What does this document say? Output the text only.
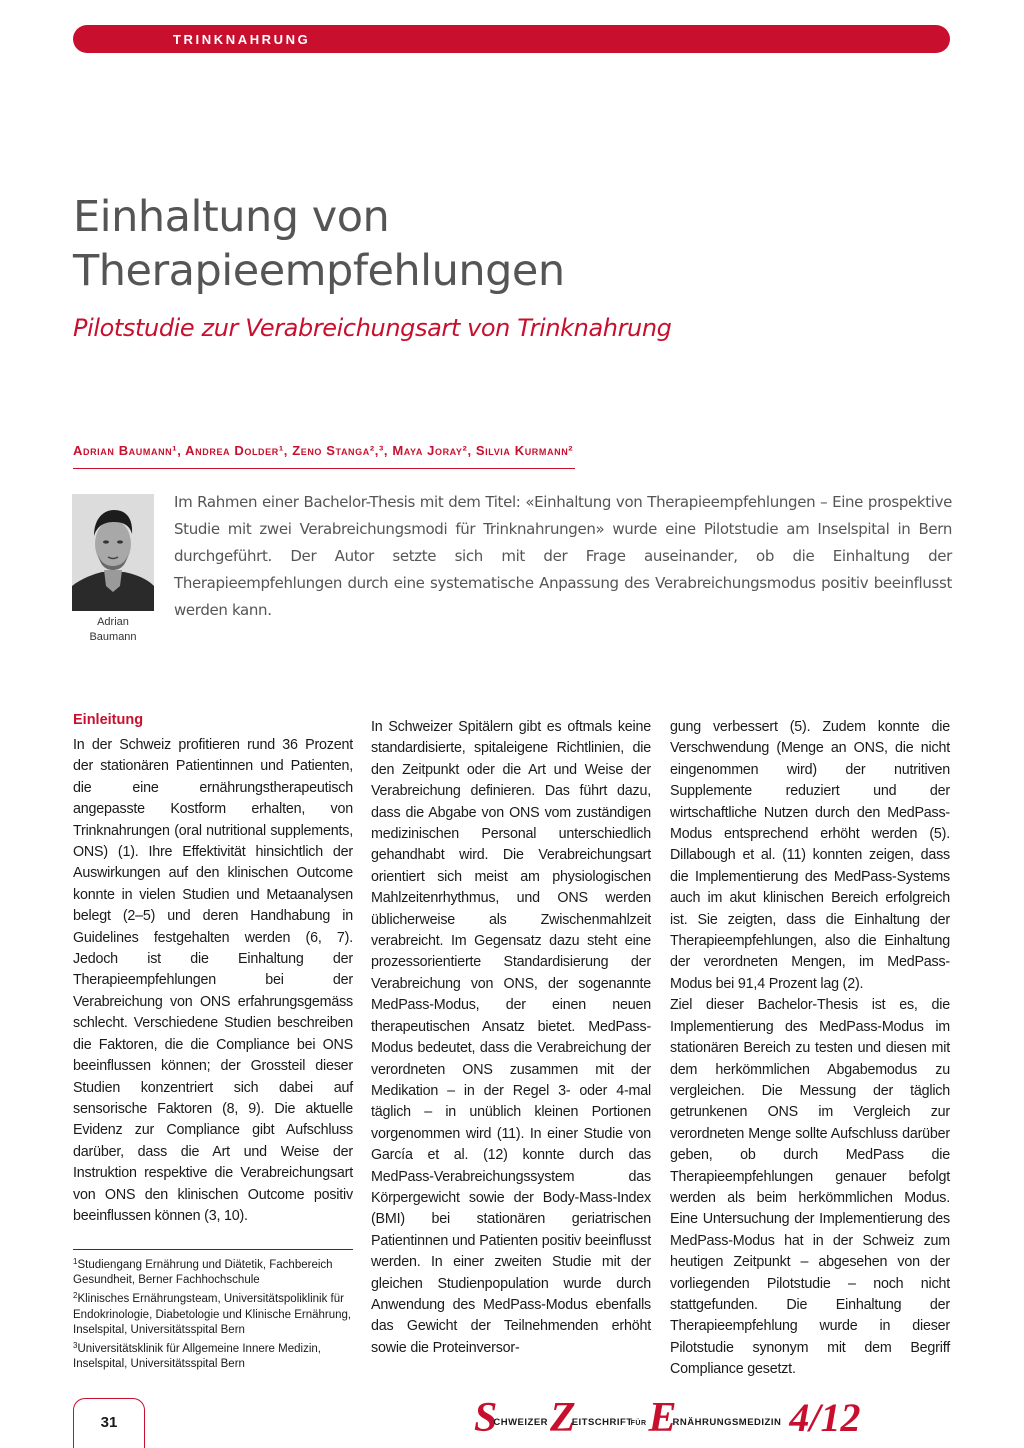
TRINKNAHRUNG
Einhaltung von
Therapieempfehlungen
Pilotstudie zur Verabreichungsart von Trinknahrung
Adrian Baumann¹, Andrea Dolder¹, Zeno Stanga²,³, Maya Joray², Silvia Kurmann²
Adrian
Baumann

Im Rahmen einer Bachelor-Thesis mit dem Titel: «Einhaltung von Therapieempfehlungen – Eine prospektive Studie mit zwei Verabreichungsmodi für Trinknahrungen» wurde eine Pilotstudie am Inselspital in Bern durchgeführt. Der Autor setzte sich mit der Frage auseinander, ob die Einhaltung der Therapieempfehlungen durch eine systematische Anpassung des Verabreichungsmodus positiv beeinflusst werden kann.

Einleitung

In der Schweiz profitieren rund 36 Prozent der stationären Patientinnen und Patienten, die eine ernährungstherapeutisch angepasste Kostform erhalten, von Trinknahrungen (oral nutritional supplements, ONS) (1). Ihre Effektivität hinsichtlich der Auswirkungen auf den klinischen Outcome konnte in vielen Studien und Metaanalysen belegt (2–5) und deren Handhabung in Guidelines festgehalten werden (6, 7). Jedoch ist die Einhaltung der Therapieempfehlungen bei der Verabreichung von ONS erfahrungsgemäss schlecht. Verschiedene Studien beschreiben die Faktoren, die die Compliance bei ONS beeinflussen können; der Grossteil dieser Studien konzentriert sich dabei auf sensorische Faktoren (8, 9). Die aktuelle Evidenz zur Compliance gibt Aufschluss darüber, dass die Art und Weise der Instruktion respektive die Verabreichungsart von ONS den klinischen Outcome positiv beeinflussen können (3, 10).

In Schweizer Spitälern gibt es oftmals keine standardisierte, spitaleigene Richtlinien, die den Zeitpunkt oder die Art und Weise der Verabreichung definieren. Das führt dazu, dass die Abgabe von ONS vom zuständigen medizinischen Personal unterschiedlich gehandhabt wird. Die Verabreichungsart orientiert sich meist am physiologischen Mahlzeitenrhythmus, und ONS werden üblicherweise als Zwischenmahlzeit verabreicht. Im Gegensatz dazu steht eine prozessorientierte Standardisierung der Verabreichung von ONS, der sogenannte MedPass-Modus, der einen neuen therapeutischen Ansatz bietet. MedPass-Modus bedeutet, dass die Verabreichung der verordneten ONS zusammen mit der Medikation – in der Regel 3- oder 4-mal täglich – in unüblich kleinen Portionen vorgenommen wird (11). In einer Studie von García et al. (12) konnte durch das MedPass-Verabreichungssystem das Körpergewicht sowie der Body-Mass-Index (BMI) bei stationären geriatrischen Patientinnen und Patienten positiv beeinflusst werden. In einer zweiten Studie mit der gleichen Studienpopulation wurde durch Anwendung des MedPass-Modus ebenfalls das Gewicht der Teilnehmenden erhöht sowie die Proteinversor-

gung verbessert (5). Zudem konnte die Verschwendung (Menge an ONS, die nicht eingenommen wird) der nutritiven Supplemente reduziert und der wirtschaftliche Nutzen durch den MedPass-Modus entsprechend erhöht werden (5). Dillabough et al. (11) konnten zeigen, dass die Implementierung des MedPass-Systems auch im akut klinischen Bereich erfolgreich ist. Sie zeigten, dass die Einhaltung der Therapieempfehlungen, also die Einhaltung der verordneten Mengen, im MedPass-Modus bei 91,4 Prozent lag (2).

Ziel dieser Bachelor-Thesis ist es, die Implementierung des MedPass-Modus im stationären Bereich zu testen und diesen mit dem herkömmlichen Abgabemodus zu vergleichen. Die Messung der täglich getrunkenen ONS im Vergleich zur verordneten Menge sollte Aufschluss darüber geben, ob durch MedPass die Therapieempfehlungen genauer befolgt werden als beim herkömmlichen Modus. Eine Untersuchung der Implementierung des MedPass-Modus hat in der Schweiz zum heutigen Zeitpunkt – abgesehen von der vorliegenden Pilotstudie – noch nicht stattgefunden. Die Einhaltung der Therapieempfehlung wurde in dieser Pilotstudie synonym mit dem Begriff Compliance gesetzt.

$^1$Studiengang Ernährung und Diätetik, Fachbereich Gesundheit, Berner Fachhochschule
$^2$Klinisches Ernährungsteam, Universitätspoliklinik für Endokrinologie, Diabetologie und Klinische Ernährung, Inselspital, Universitätsspital Bern
$^3$Universitätsklinik für Allgemeine Innere Medizin, Inselspital, Universitätsspital Bern
31	$S^{CHWEIZER}Z^{EITSCHRIFTFÜR}E^{RNÄHRUNGSMEDIZIN}$ 4/12
